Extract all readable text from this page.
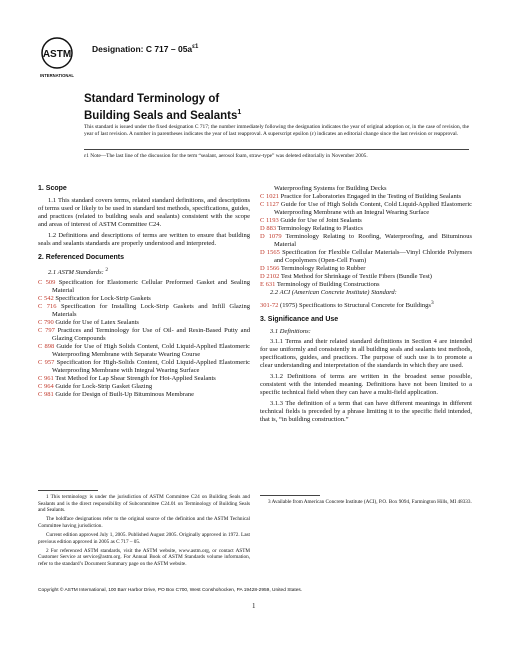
ASTM
INTERNATIONAL
Designation: C $717 - 05a^{\varepsilon 1}$
Standard Terminology of
Building Seals and Sealants$^1$
This standard is issued under the fixed designation C 717; the number immediately following the designation indicates the year of original adoption or, in the case of revision, the year of last revision. A number in parentheses indicates the year of last reapproval. A superscript epsilon (ε) indicates an editorial change since the last revision or reapproval.
ε1 Note—The last line of the discussion for the term “sealant, aerosol foam, straw-type” was deleted editorially in November 2005.
1. Scope

1.1 This standard covers terms, related standard definitions, and descriptions of terms used or likely to be used in standard test methods, specifications, guides, and practices (related to building seals and sealants) consistent with the scope and areas of interest of ASTM Committee C24.

1.2 Definitions and descriptions of terms are written to ensure that building seals and sealants standards are properly understood and interpreted.

2. Referenced Documents
2.1 ASTM Standards: $^2$

C 509 Specification for Elastomeric Cellular Preformed Gasket and Sealing Material

C 542 Specification for Lock-Strip Gaskets

C 716 Specification for Installing Lock-Strip Gaskets and Infill Glazing Materials

C 790 Guide for Use of Latex Sealants

C 797 Practices and Terminology for Use of Oil- and Resin-Based Putty and Glazing Compounds

C 898 Guide for Use of High Solids Content, Cold Liquid-Applied Elastomeric Waterproofing Membrane with Separate Wearing Course

C 957 Specification for High-Solids Content, Cold Liquid-Applied Elastomeric Waterproofing Membrane with Integral Wearing Surface

C 961 Test Method for Lap Shear Strength for Hot-Applied Sealants

C 964 Guide for Lock-Strip Gasket Glazing

C 981 Guide for Design of Built-Up Bituminous Membrane

Waterproofing Systems for Building Decks

C 1021 Practice for Laboratories Engaged in the Testing of Building Sealants

C 1127 Guide for Use of High Solids Content, Cold Liquid-Applied Elastomeric Waterproofing Membrane with an Integral Wearing Surface

C 1193 Guide for Use of Joint Sealants

D 883 Terminology Relating to Plastics

D 1079 Terminology Relating to Roofing, Waterproofing, and Bituminous Material

D 1565 Specification for Flexible Cellular Materials—Vinyl Chloride Polymers and Copolymers (Open-Cell Foam)

D 1566 Terminology Relating to Rubber

D 2102 Test Method for Shrinkage of Textile Fibers (Bundle Test)

E 631 Terminology of Building Constructions

2.2 ACI (American Concrete Institute) Standard:

301-72 (1975) Specifications to Structural Concrete for Buildings$^3$

3. Significance and Use
3.1 Definitions:

3.1.1 Terms and their related standard definitions in Section 4 are intended for use uniformly and consistently in all building seals and sealants test methods, specifications, guides, and practices. The purpose of such use is to promote a clear understanding and interpretation of the standards in which they are used.

3.1.2 Definitions of terms are written in the broadest sense possible, consistent with the intended meaning. Definitions have not been limited to a specific technical field when they can have a multi-field application.

3.1.3 The definition of a term that can have different meanings in different technical fields is preceded by a phrase limiting it to the specific field intended, that is, “in building construction.”

1 This terminology is under the jurisdiction of ASTM Committee C24 on Building Seals and Sealants and is the direct responsibility of Subcommittee C24.01 on Terminology of Building Seals and Sealants.

The boldface designations refer to the original source of the definition and the ASTM Technical Committee having jurisdiction.

Current edition approved July 1, 2005. Published August 2005. Originally approved in 1972. Last previous edition approved in 2005 as C 717 – 05.

2 For referenced ASTM standards, visit the ASTM website, www.astm.org, or contact ASTM Customer Service at service@astm.org. For Annual Book of ASTM Standards volume information, refer to the standard’s Document Summary page on the ASTM website.

3 Available from American Concrete Institute (ACI), P.O. Box 9094, Farmington Hills, MI 48333.
Copyright © ASTM International, 100 Barr Harbor Drive, PO Box C700, West Conshohocken, PA 19428-2959, United States.
1
